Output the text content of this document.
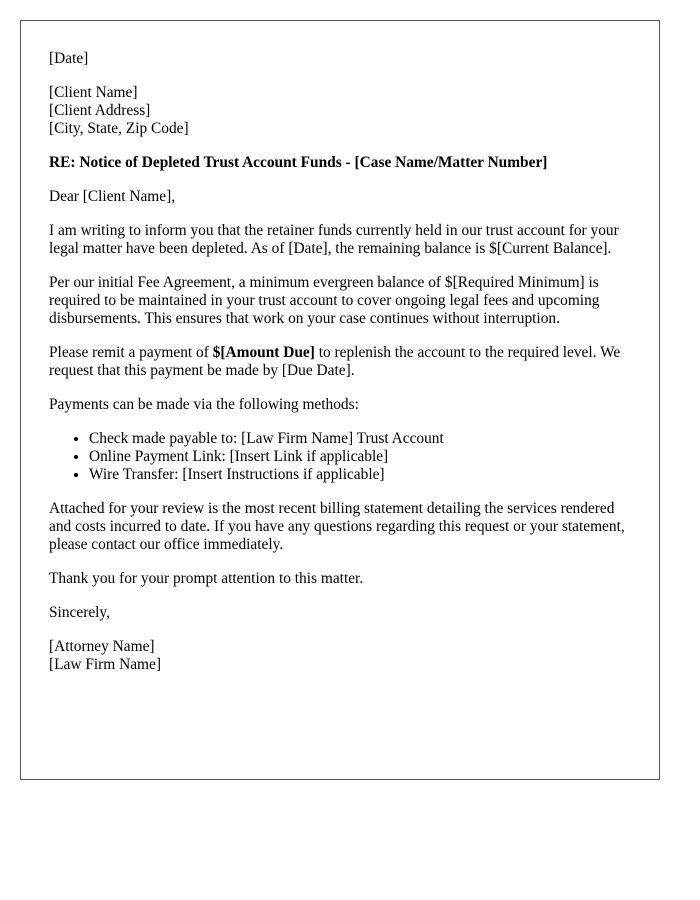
[Date]

[Client Name]
[Client Address]
[City, State, Zip Code]

RE: Notice of Depleted Trust Account Funds - [Case Name/Matter Number]

Dear [Client Name],

I am writing to inform you that the retainer funds currently held in our trust account for your legal matter have been depleted. As of [Date], the remaining balance is $[Current Balance].

Per our initial Fee Agreement, a minimum evergreen balance of $[Required Minimum] is required to be maintained in your trust account to cover ongoing legal fees and upcoming disbursements. This ensures that work on your case continues without interruption.

Please remit a payment of $[Amount Due] to replenish the account to the required level. We request that this payment be made by [Due Date].

Payments can be made via the following methods:

• Check made payable to: [Law Firm Name] Trust Account
• Online Payment Link: [Insert Link if applicable]
• Wire Transfer: [Insert Instructions if applicable]

Attached for your review is the most recent billing statement detailing the services rendered and costs incurred to date. If you have any questions regarding this request or your statement, please contact our office immediately.

Thank you for your prompt attention to this matter.

Sincerely,

[Attorney Name]
[Law Firm Name]
